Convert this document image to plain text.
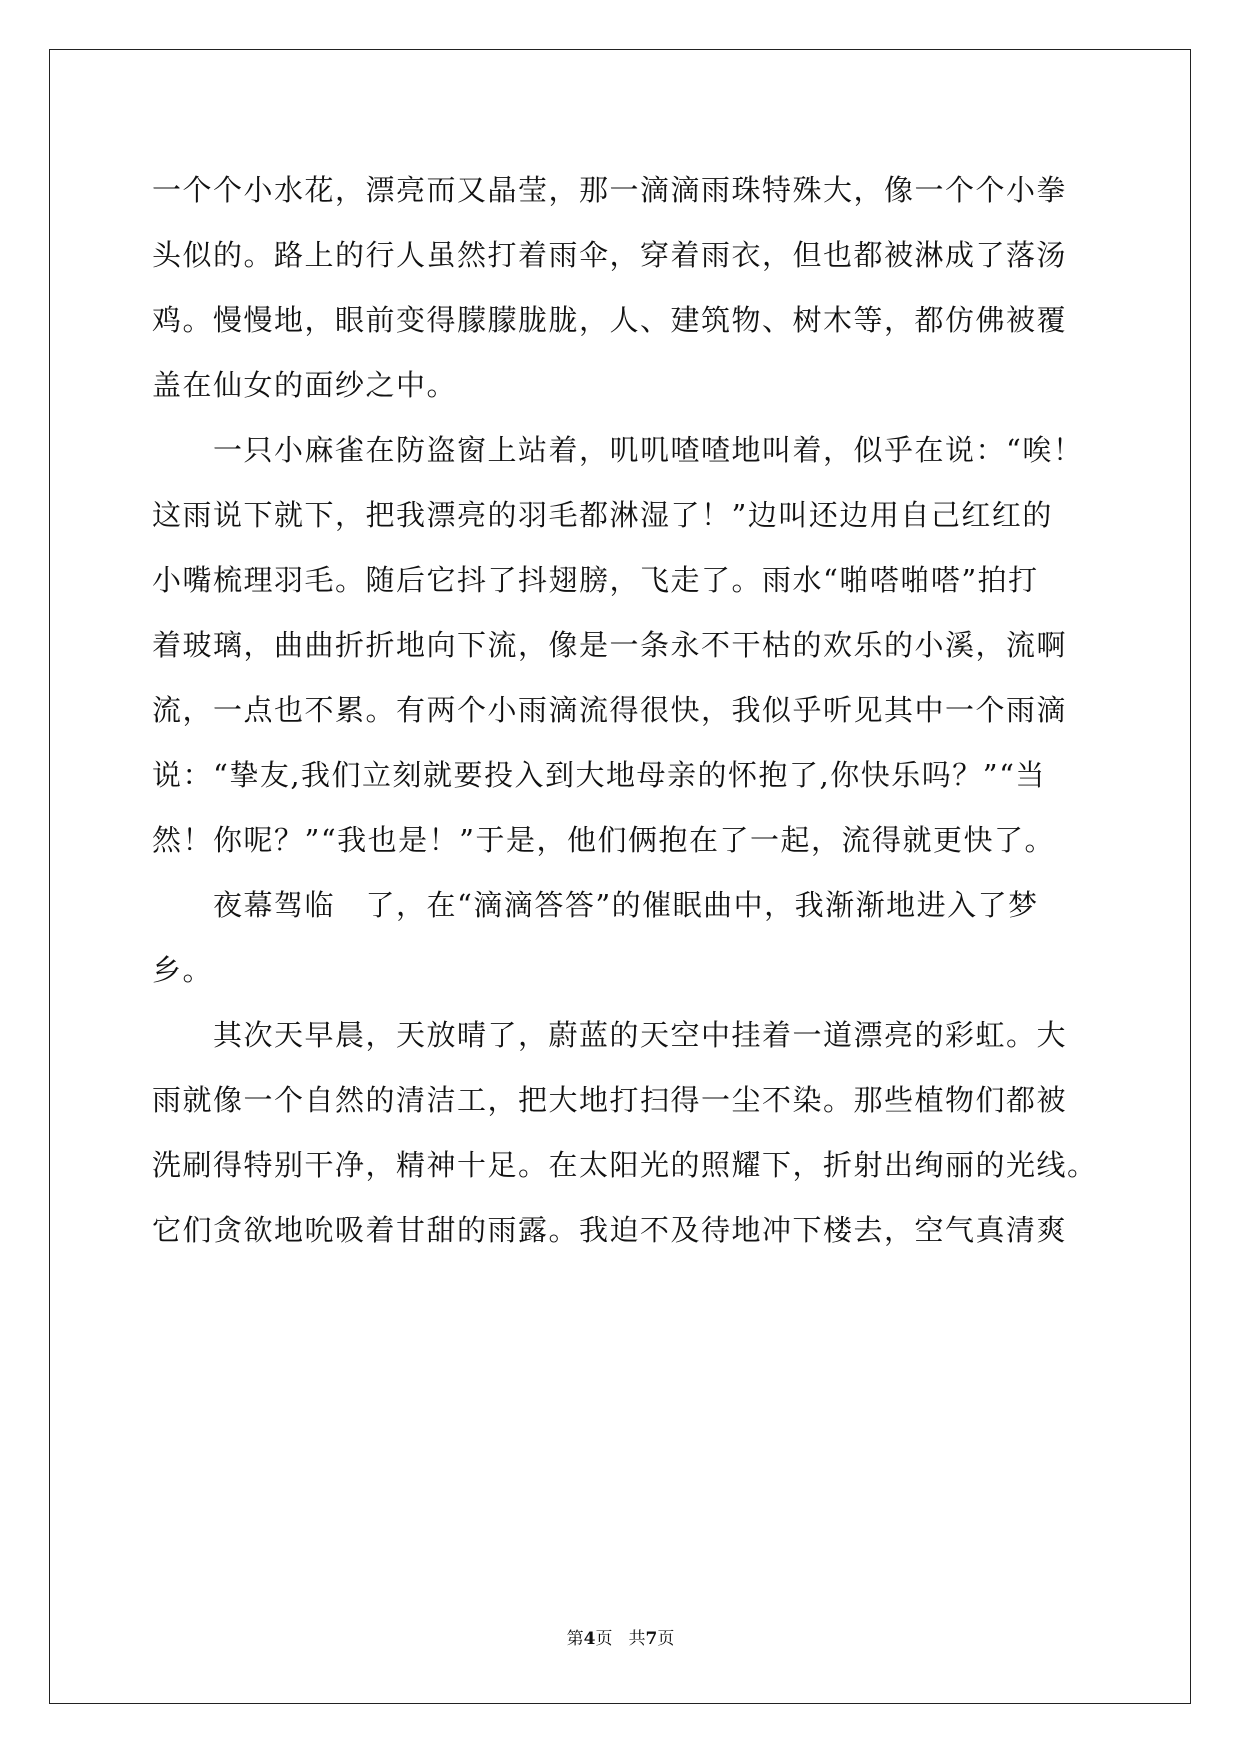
一个个小水花，漂亮而又晶莹，那一滴滴雨珠特殊大，像一个个小拳
头似的。路上的行人虽然打着雨伞，穿着雨衣，但也都被淋成了落汤
鸡。慢慢地，眼前变得朦朦胧胧，人、建筑物、树木等，都仿佛被覆
盖在仙女的面纱之中。
　　一只小麻雀在防盗窗上站着，叽叽喳喳地叫着，似乎在说：“唉！
这雨说下就下，把我漂亮的羽毛都淋湿了！”边叫还边用自己红红的
小嘴梳理羽毛。随后它抖了抖翅膀，飞走了。雨水“啪嗒啪嗒”拍打
着玻璃，曲曲折折地向下流，像是一条永不干枯的欢乐的小溪，流啊
流，一点也不累。有两个小雨滴流得很快，我似乎听见其中一个雨滴
说：“挚友,我们立刻就要投入到大地母亲的怀抱了,你快乐吗？”“当
然！你呢？”“我也是！”于是，他们俩抱在了一起，流得就更快了。
　　夜幕驾临　了，在“滴滴答答”的催眠曲中，我渐渐地进入了梦
乡。
　　其次天早晨，天放晴了，蔚蓝的天空中挂着一道漂亮的彩虹。大
雨就像一个自然的清洁工，把大地打扫得一尘不染。那些植物们都被
洗刷得特别干净，精神十足。在太阳光的照耀下，折射出绚丽的光线。
它们贪欲地吮吸着甘甜的雨露。我迫不及待地冲下楼去，空气真清爽
第4页 共7页
